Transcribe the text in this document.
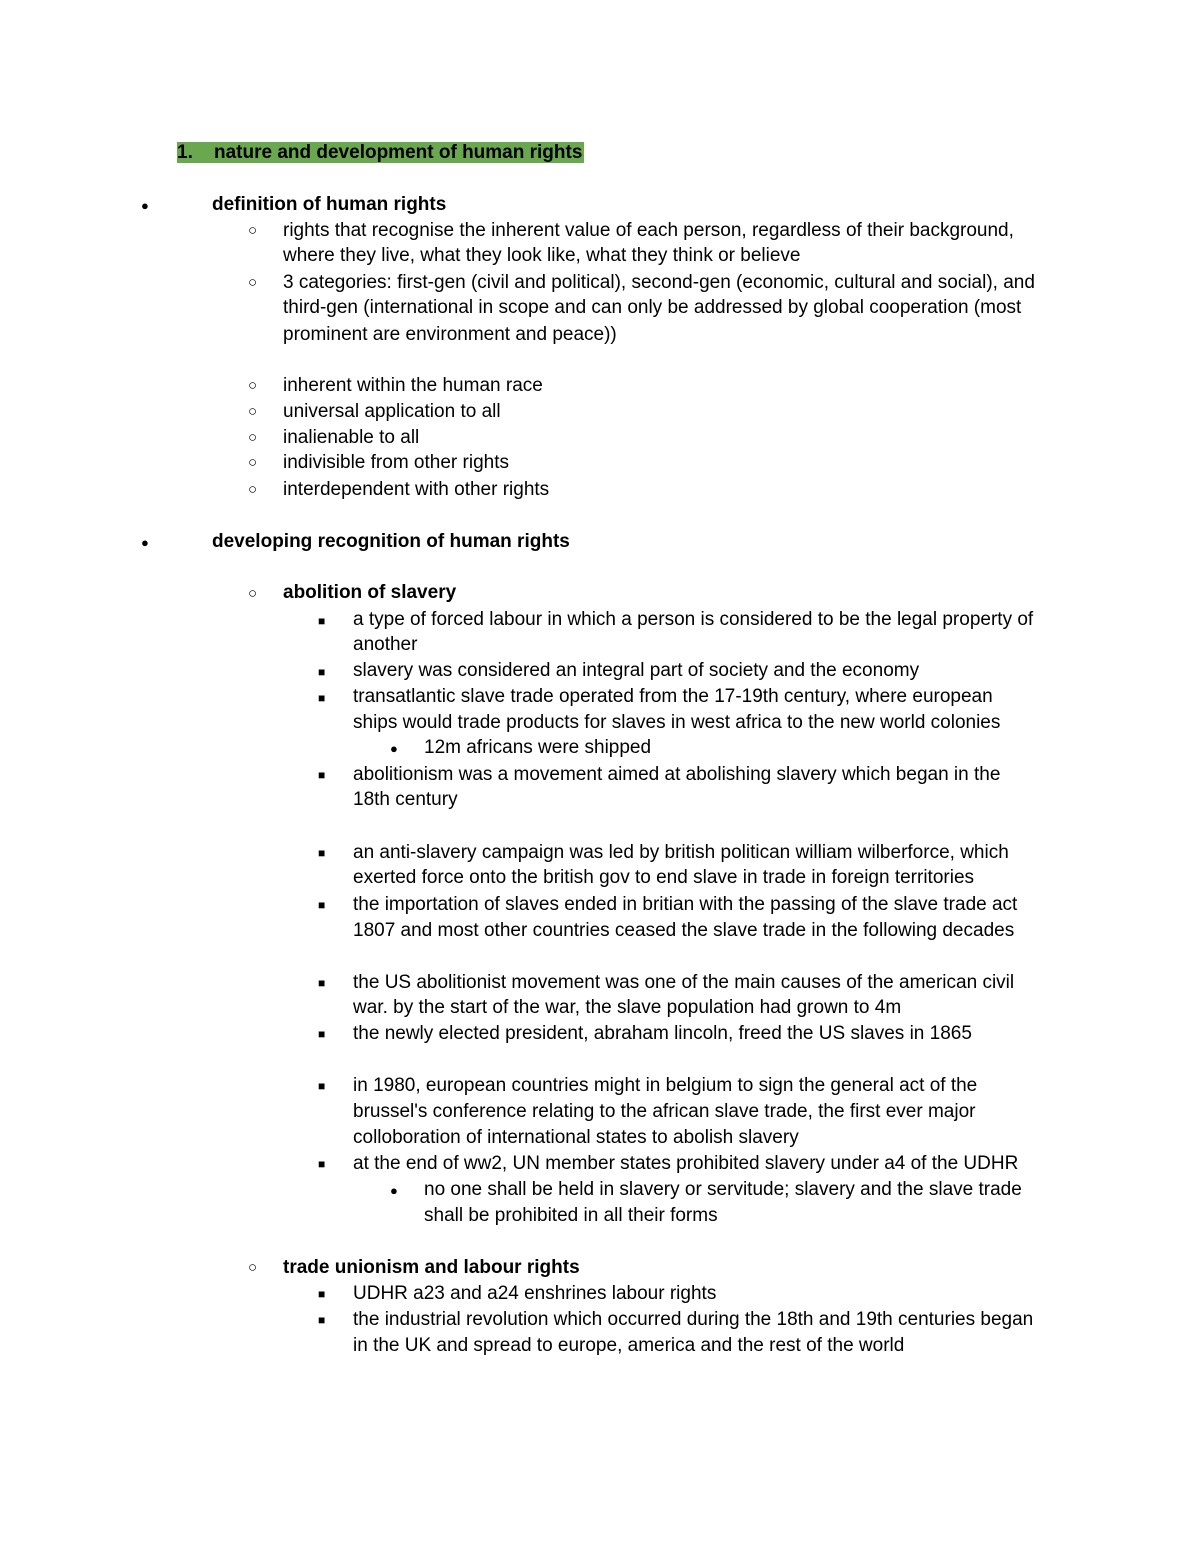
1. nature and development of human rights
●	definition of human rights
○ rights that recognise the inherent value of each person, regardless of their background,
where they live, what they look like, what they think or believe
○ 3 categories: first-gen (civil and political), second-gen (economic, cultural and social), and
third-gen (international in scope and can only be addressed by global cooperation (most
prominent are environment and peace))
○ inherent within the human race
○ universal application to all
○ inalienable to all
○ indivisible from other rights
○ interdependent with other rights
●	developing recognition of human rights
○ abolition of slavery
■ a type of forced labour in which a person is considered to be the legal property of
another
■ slavery was considered an integral part of society and the economy
■ transatlantic slave trade operated from the 17-19th century, where european
ships would trade products for slaves in west africa to the new world colonies
● 12m africans were shipped
■ abolitionism was a movement aimed at abolishing slavery which began in the
18th century
■ an anti-slavery campaign was led by british politican william wilberforce, which
exerted force onto the british gov to end slave in trade in foreign territories
■ the importation of slaves ended in britian with the passing of the slave trade act
1807 and most other countries ceased the slave trade in the following decades
■ the US abolitionist movement was one of the main causes of the american civil
war. by the start of the war, the slave population had grown to 4m
■ the newly elected president, abraham lincoln, freed the US slaves in 1865
■ in 1980, european countries might in belgium to sign the general act of the
brussel's conference relating to the african slave trade, the first ever major
colloboration of international states to abolish slavery
■ at the end of ww2, UN member states prohibited slavery under a4 of the UDHR
● no one shall be held in slavery or servitude; slavery and the slave trade
shall be prohibited in all their forms
○ trade unionism and labour rights
■ UDHR a23 and a24 enshrines labour rights
■ the industrial revolution which occurred during the 18th and 19th centuries began
in the UK and spread to europe, america and the rest of the world
